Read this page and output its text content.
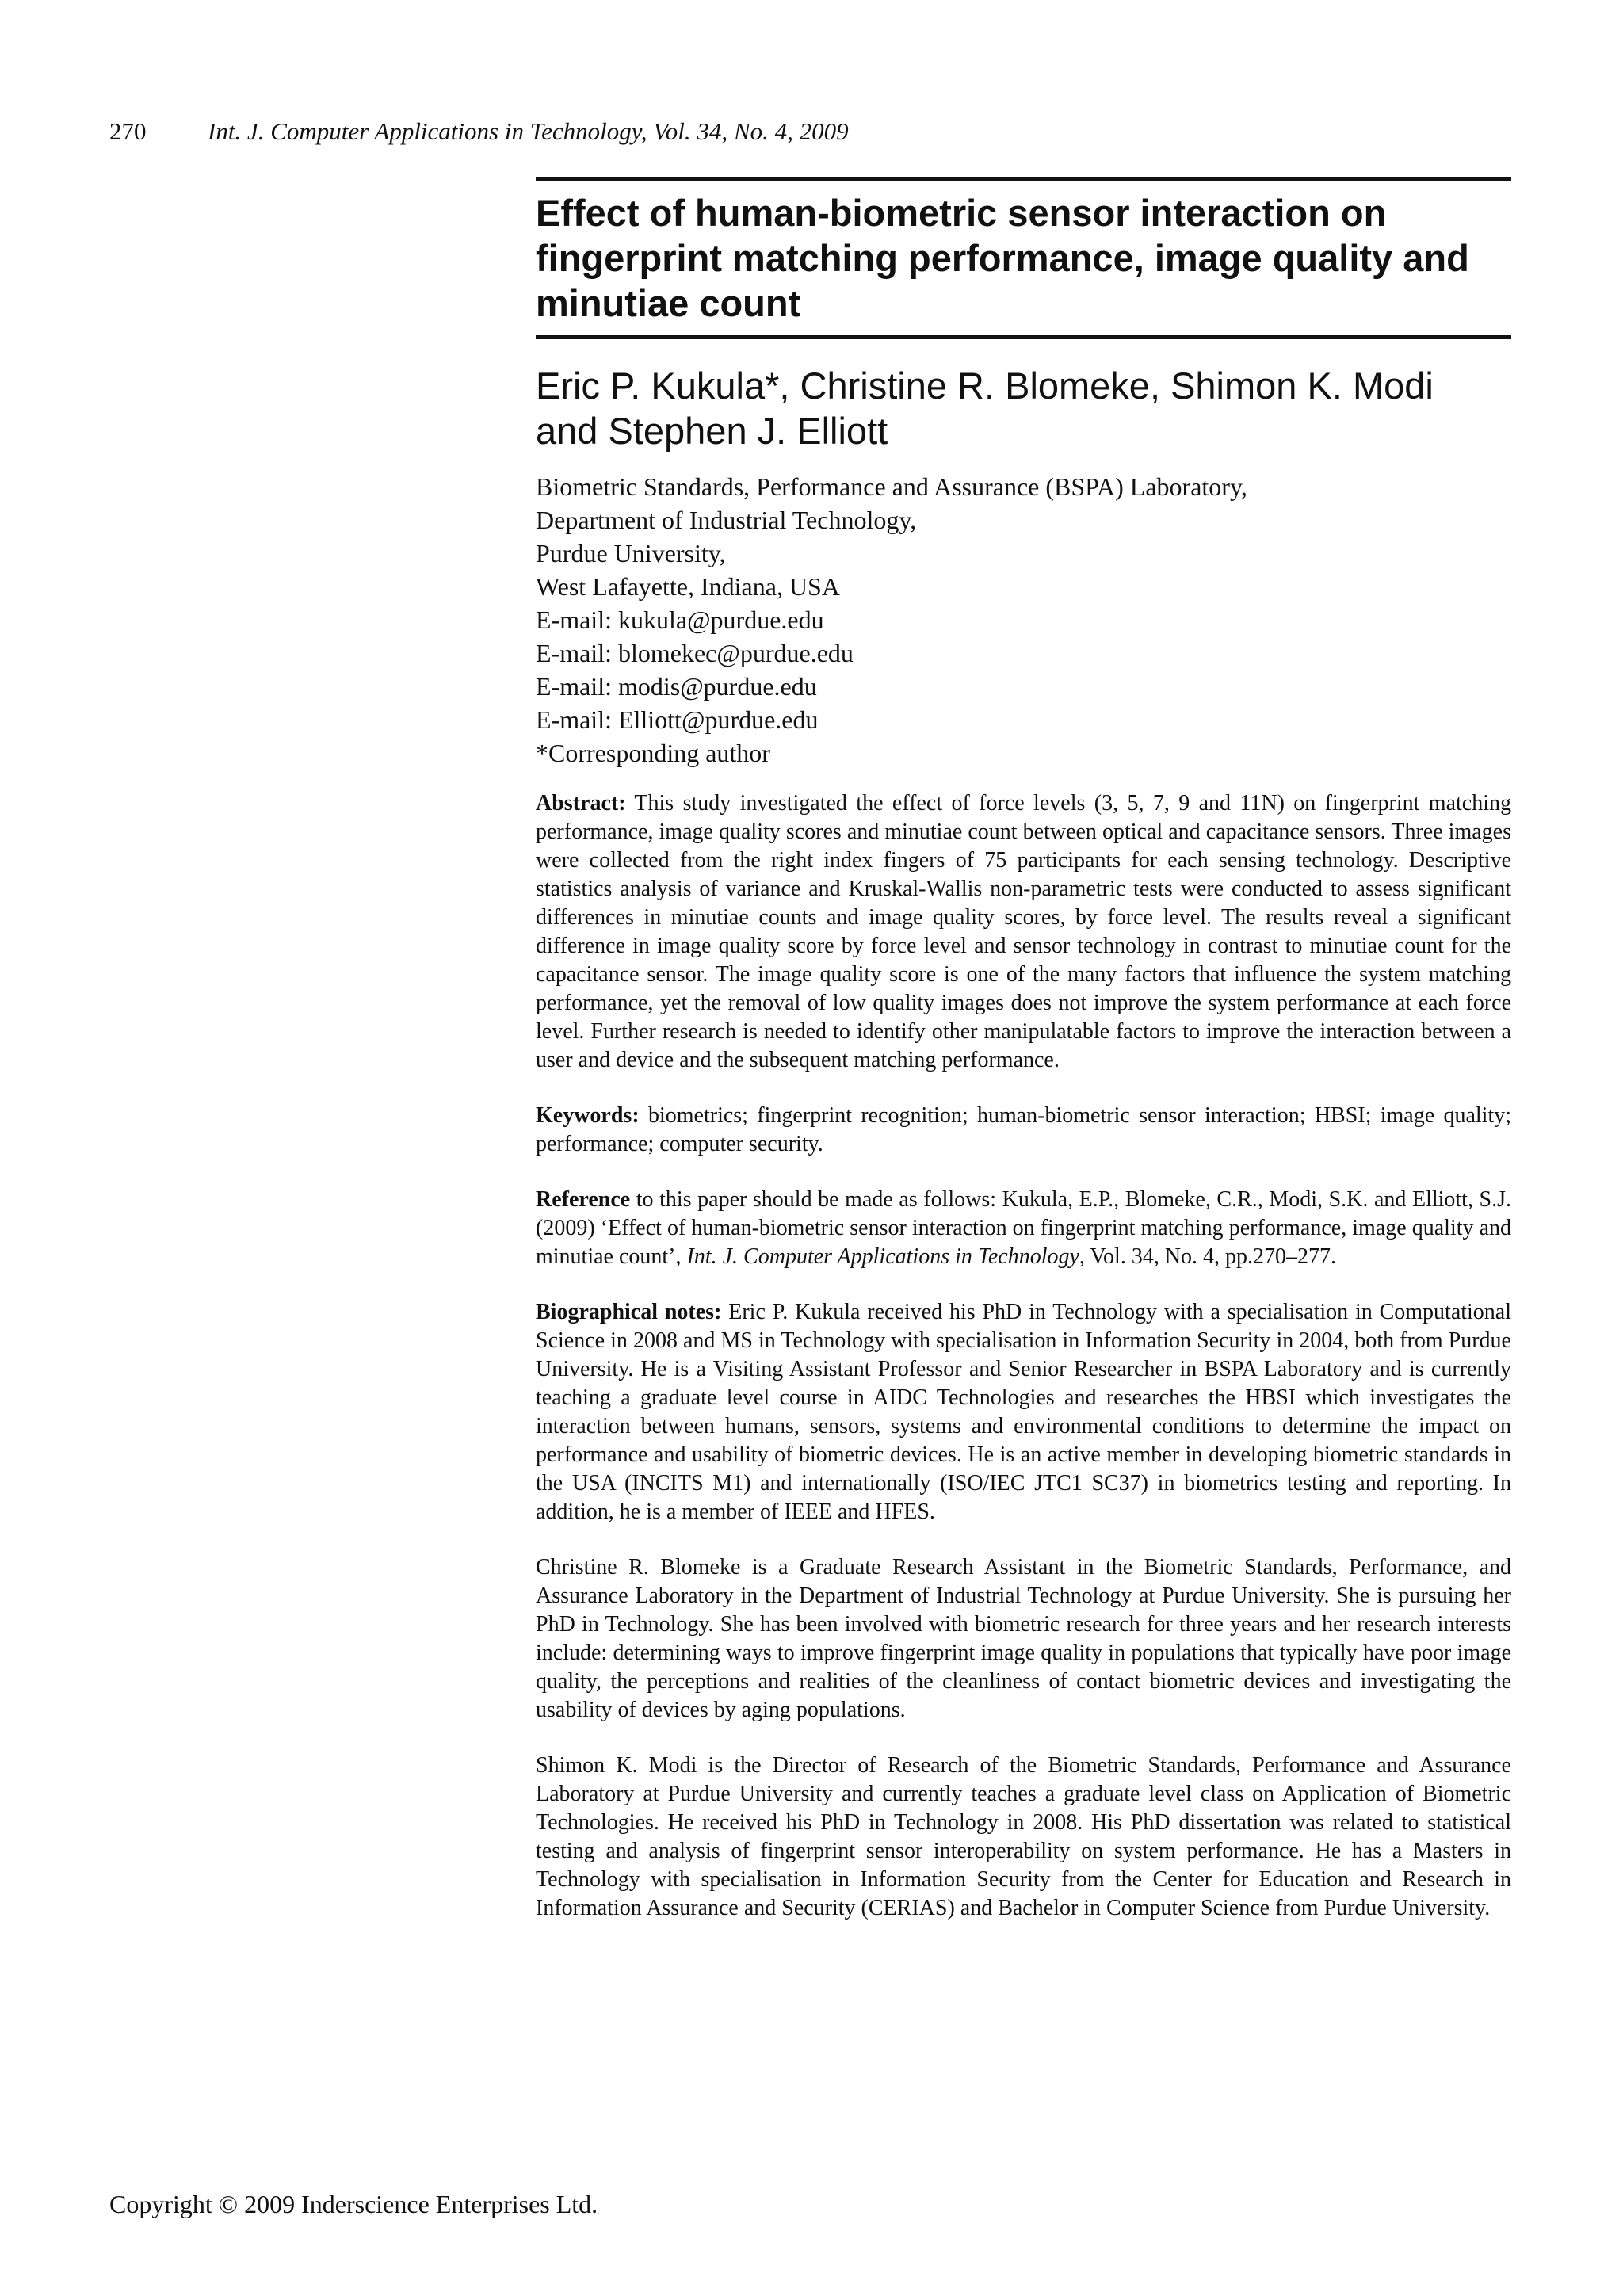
270	Int. J. Computer Applications in Technology, Vol. 34, No. 4, 2009
Effect of human-biometric sensor interaction on
fingerprint matching performance, image quality and
minutiae count
Eric P. Kukula*, Christine R. Blomeke, Shimon K. Modi
and Stephen J. Elliott
Biometric Standards, Performance and Assurance (BSPA) Laboratory,
Department of Industrial Technology,
Purdue University,
West Lafayette, Indiana, USA
E-mail: kukula@purdue.edu
E-mail: blomekec@purdue.edu
E-mail: modis@purdue.edu
E-mail: Elliott@purdue.edu
*Corresponding author

Abstract: This study investigated the effect of force levels (3, 5, 7, 9 and 11N) on fingerprint matching performance, image quality scores and minutiae count between optical and capacitance sensors. Three images were collected from the right index fingers of 75 participants for each sensing technology. Descriptive statistics analysis of variance and Kruskal-Wallis non-parametric tests were conducted to assess significant differences in minutiae counts and image quality scores, by force level. The results reveal a significant difference in image quality score by force level and sensor technology in contrast to minutiae count for the capacitance sensor. The image quality score is one of the many factors that influence the system matching performance, yet the removal of low quality images does not improve the system performance at each force level. Further research is needed to identify other manipulatable factors to improve the interaction between a user and device and the subsequent matching performance.

Keywords: biometrics; fingerprint recognition; human-biometric sensor interaction; HBSI; image quality; performance; computer security.

Reference to this paper should be made as follows: Kukula, E.P., Blomeke, C.R., Modi, S.K. and Elliott, S.J. (2009) ‘Effect of human-biometric sensor interaction on fingerprint matching performance, image quality and minutiae count’, Int. J. Computer Applications in Technology, Vol. 34, No. 4, pp.270–277.

Biographical notes: Eric P. Kukula received his PhD in Technology with a specialisation in Computational Science in 2008 and MS in Technology with specialisation in Information Security in 2004, both from Purdue University. He is a Visiting Assistant Professor and Senior Researcher in BSPA Laboratory and is currently teaching a graduate level course in AIDC Technologies and researches the HBSI which investigates the interaction between humans, sensors, systems and environmental conditions to determine the impact on performance and usability of biometric devices. He is an active member in developing biometric standards in the USA (INCITS M1) and internationally (ISO/IEC JTC1 SC37) in biometrics testing and reporting. In addition, he is a member of IEEE and HFES.

Christine R. Blomeke is a Graduate Research Assistant in the Biometric Standards, Performance, and Assurance Laboratory in the Department of Industrial Technology at Purdue University. She is pursuing her PhD in Technology. She has been involved with biometric research for three years and her research interests include: determining ways to improve fingerprint image quality in populations that typically have poor image quality, the perceptions and realities of the cleanliness of contact biometric devices and investigating the usability of devices by aging populations.

Shimon K. Modi is the Director of Research of the Biometric Standards, Performance and Assurance Laboratory at Purdue University and currently teaches a graduate level class on Application of Biometric Technologies. He received his PhD in Technology in 2008. His PhD dissertation was related to statistical testing and analysis of fingerprint sensor interoperability on system performance. He has a Masters in Technology with specialisation in Information Security from the Center for Education and Research in Information Assurance and Security (CERIAS) and Bachelor in Computer Science from Purdue University.

Copyright © 2009 Inderscience Enterprises Ltd.
